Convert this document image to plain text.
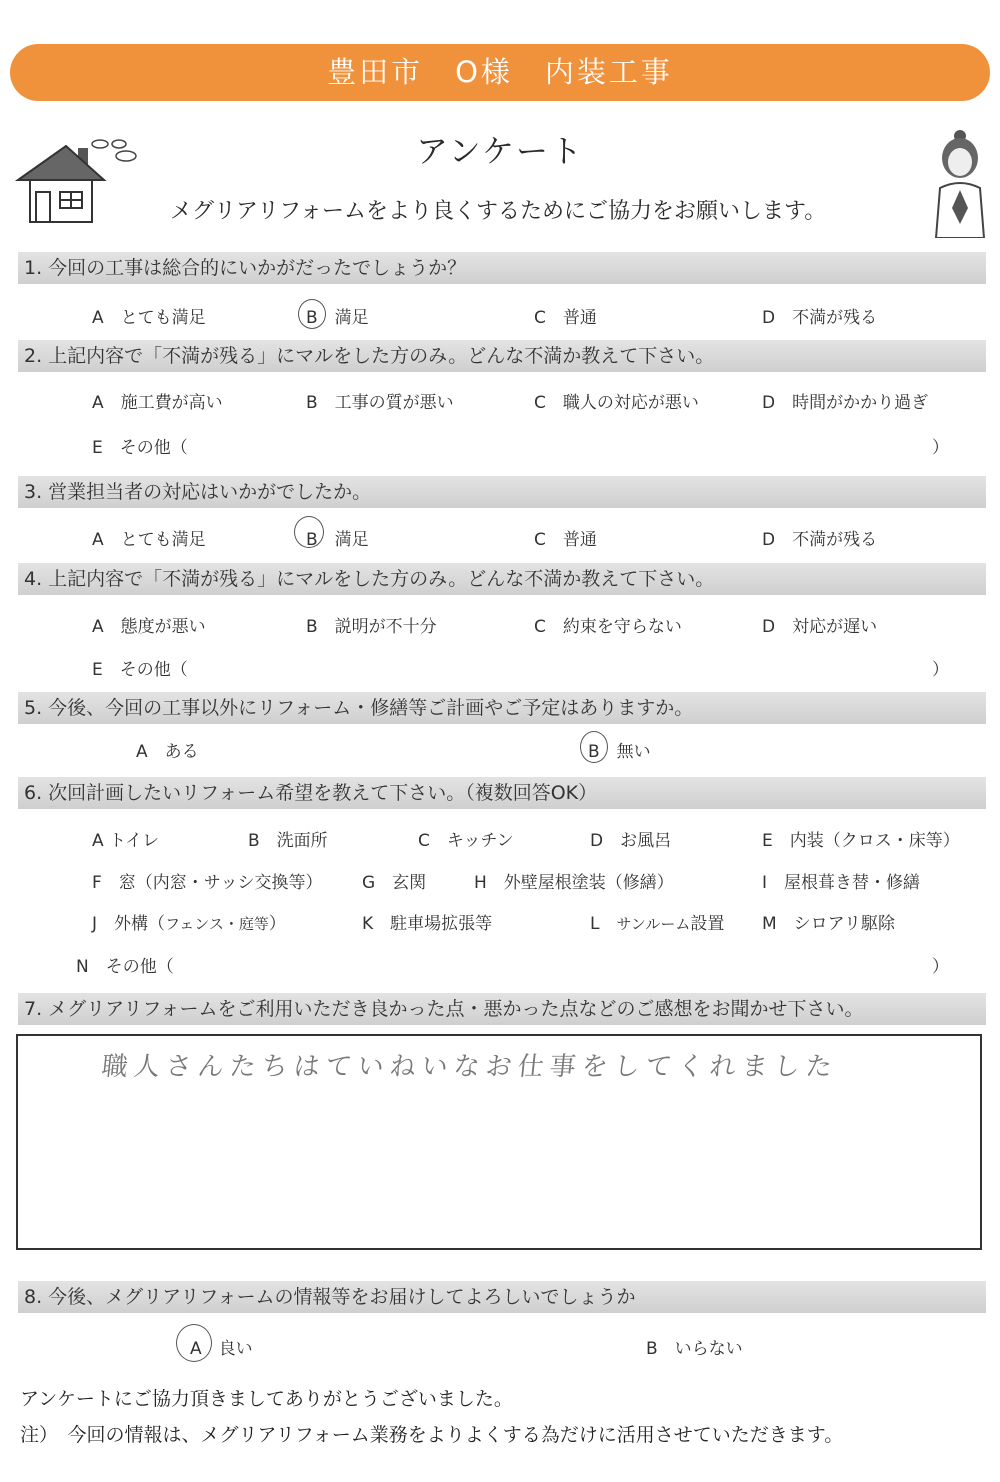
豊田市　O様　内装工事
アンケート
メグリアリフォームをより良くするためにご協力をお願いします。
1. 今回の工事は総合的にいかがだったでしょうか？
A　とても満足	B　満足	C　普通	D　不満が残る
2. 上記内容で「不満が残る」にマルをした方のみ。どんな不満か教えて下さい。
A　施工費が高い	B　工事の質が悪い	C　職人の対応が悪い	D　時間がかかり過ぎ
E　その他（	）
3. 営業担当者の対応はいかがでしたか。
A　とても満足	B　満足	C　普通	D　不満が残る
4. 上記内容で「不満が残る」にマルをした方のみ。どんな不満か教えて下さい。
A　態度が悪い	B　説明が不十分	C　約束を守らない	D　対応が遅い
E　その他（	）
5. 今後、今回の工事以外にリフォーム・修繕等ご計画やご予定はありますか。
A　ある	B　無い
6. 次回計画したいリフォーム希望を教えて下さい。（複数回答OK）
A トイレ	B　洗面所	C　キッチン	D　お風呂	E　内装（クロス・床等）
F　窓（内窓・サッシ交換等） G　玄関	H　外壁屋根塗装（修繕）	I　屋根葺き替・修繕
J　外構（フェンス・庭等）	K　駐車場拡張等	L　サンルーム設置 M　シロアリ駆除
N　その他（	）
7. メグリアリフォームをご利用いただき良かった点・悪かった点などのご感想をお聞かせ下さい。
職人さんたちはていねいなお仕事をしてくれました
8. 今後、メグリアリフォームの情報等をお届けしてよろしいでしょうか
A　良い	B　いらない
アンケートにご協力頂きましてありがとうございました。
注）　今回の情報は、メグリアリフォーム業務をよりよくする為だけに活用させていただきます。
